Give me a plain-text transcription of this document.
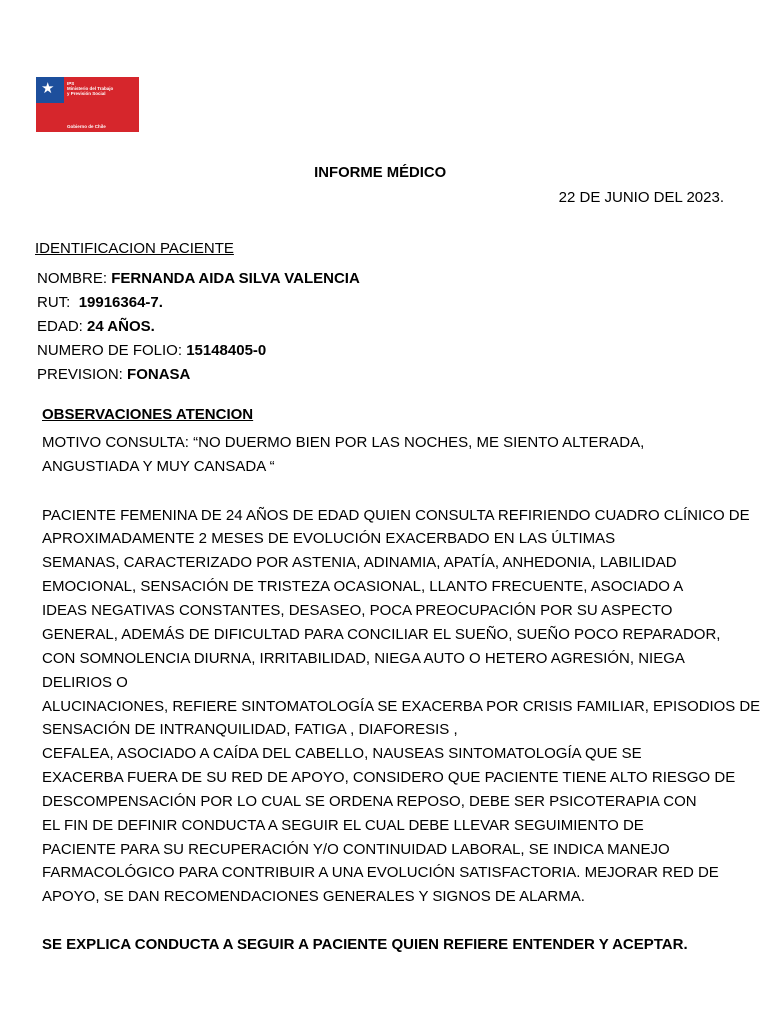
★	IPS
Ministerio del Trabajo
y Previsión Social
Gobierno de Chile
INFORME MÉDICO
22 DE JUNIO DEL 2023.
IDENTIFICACION PACIENTE
NOMBRE: FERNANDA AIDA SILVA VALENCIA
RUT: 19916364-7.
EDAD: 24 AÑOS.
NUMERO DE FOLIO: 15148405-0
PREVISION: FONASA
OBSERVACIONES ATENCION
MOTIVO CONSULTA: “NO DUERMO BIEN POR LAS NOCHES, ME SIENTO ALTERADA,
ANGUSTIADA Y MUY CANSADA “
PACIENTE FEMENINA DE 24 AÑOS DE EDAD QUIEN CONSULTA REFIRIENDO CUADRO CLÍNICO DE
APROXIMADAMENTE 2 MESES DE EVOLUCIÓN EXACERBADO EN LAS ÚLTIMAS
SEMANAS, CARACTERIZADO POR ASTENIA, ADINAMIA, APATÍA, ANHEDONIA, LABILIDAD
EMOCIONAL, SENSACIÓN DE TRISTEZA OCASIONAL, LLANTO FRECUENTE, ASOCIADO A
IDEAS NEGATIVAS CONSTANTES, DESASEO, POCA PREOCUPACIÓN POR SU ASPECTO
GENERAL, ADEMÁS DE DIFICULTAD PARA CONCILIAR EL SUEÑO, SUEÑO POCO REPARADOR,
CON SOMNOLENCIA DIURNA, IRRITABILIDAD, NIEGA AUTO O HETERO AGRESIÓN, NIEGA
DELIRIOS O
ALUCINACIONES, REFIERE SINTOMATOLOGÍA SE EXACERBA POR CRISIS FAMILIAR, EPISODIOS DE
SENSACIÓN DE INTRANQUILIDAD, FATIGA , DIAFORESIS ,
CEFALEA, ASOCIADO A CAÍDA DEL CABELLO, NAUSEAS SINTOMATOLOGÍA QUE SE
EXACERBA FUERA DE SU RED DE APOYO, CONSIDERO QUE PACIENTE TIENE ALTO RIESGO DE
DESCOMPENSACIÓN POR LO CUAL SE ORDENA REPOSO, DEBE SER PSICOTERAPIA CON
EL FIN DE DEFINIR CONDUCTA A SEGUIR EL CUAL DEBE LLEVAR SEGUIMIENTO DE
PACIENTE PARA SU RECUPERACIÓN Y/O CONTINUIDAD LABORAL, SE INDICA MANEJO
FARMACOLÓGICO PARA CONTRIBUIR A UNA EVOLUCIÓN SATISFACTORIA. MEJORAR RED DE
APOYO, SE DAN RECOMENDACIONES GENERALES Y SIGNOS DE ALARMA.
SE EXPLICA CONDUCTA A SEGUIR A PACIENTE QUIEN REFIERE ENTENDER Y ACEPTAR.
